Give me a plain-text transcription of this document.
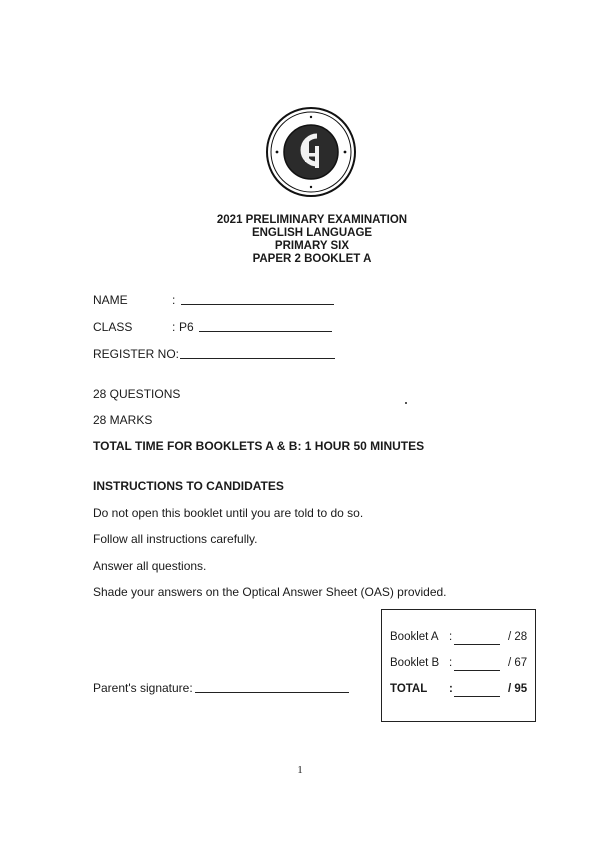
2021 PRELIMINARY EXAMINATION
ENGLISH LANGUAGE
PRIMARY SIX
PAPER 2 BOOKLET A
NAME	:
CLASS	: P6
REGISTER NO:
28 QUESTIONS
28 MARKS
TOTAL TIME FOR BOOKLETS A & B: 1 HOUR 50 MINUTES
INSTRUCTIONS TO CANDIDATES
Do not open this booklet until you are told to do so.
Follow all instructions carefully.
Answer all questions.
Shade your answers on the Optical Answer Sheet (OAS) provided.
Parent's signature:
Booklet A :	/ 28
Booklet B :	/ 67
TOTAL :	/ 95
1
